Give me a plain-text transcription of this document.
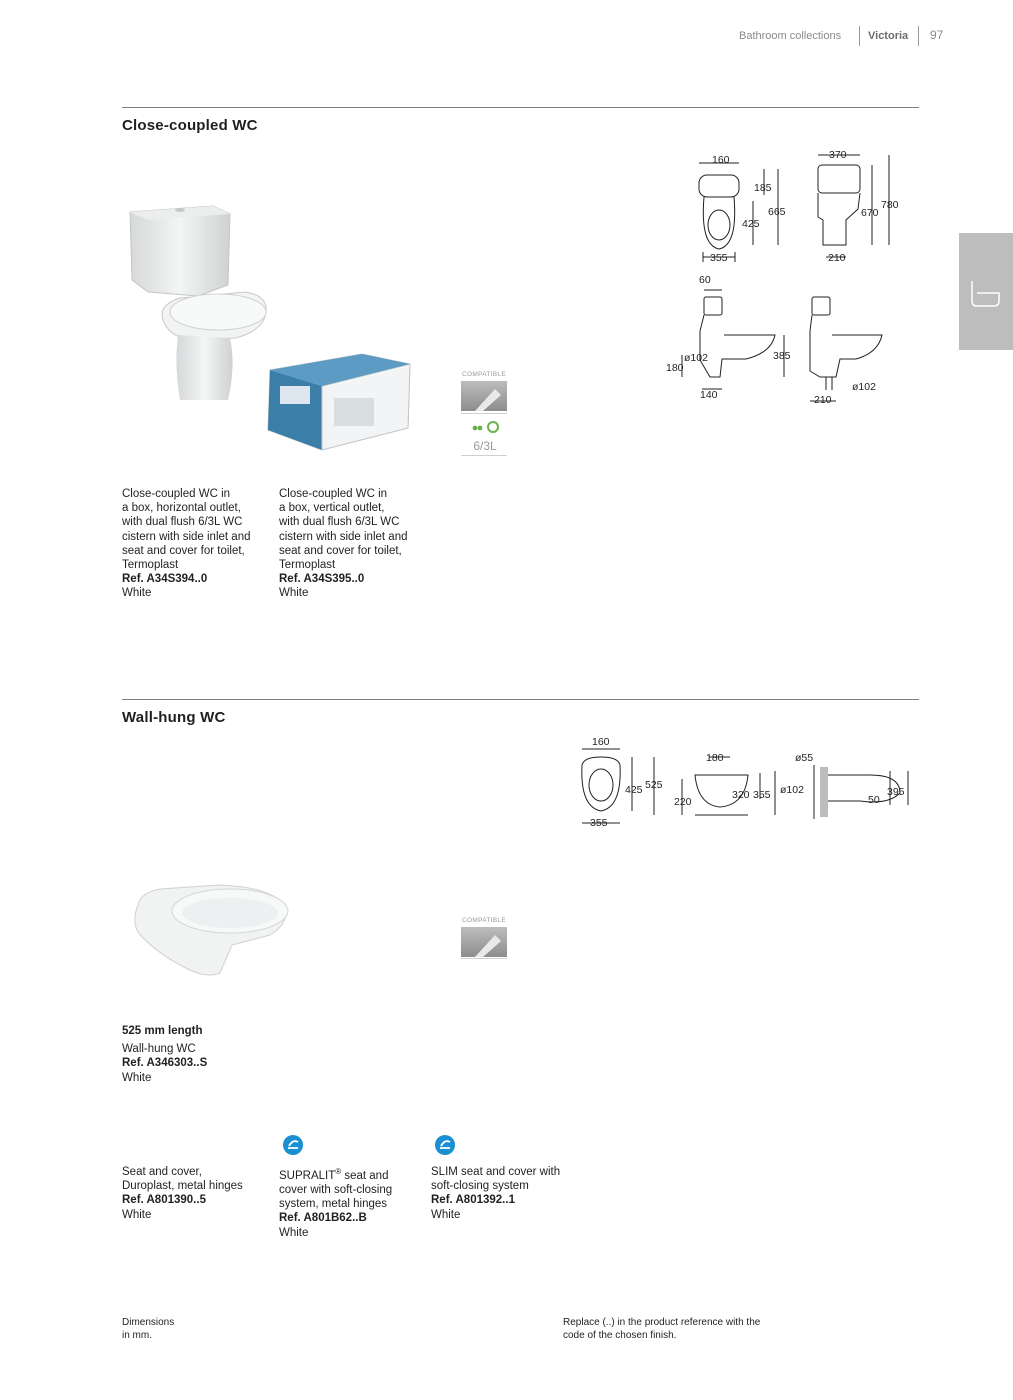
Bathroom collections Victoria 97
Close-coupled WC
COMPATIBLE
6/3L
Close-coupled WC in
a box, horizontal outlet,
with dual flush 6/3L WC
cistern with side inlet and
seat and cover for toilet,
Termoplast
Ref. A34S394..0
White
Close-coupled WC in
a box, vertical outlet,
with dual flush 6/3L WC
cistern with side inlet and
seat and cover for toilet,
Termoplast
Ref. A34S395..0
White
160
185
665
425
355
370
780
670
210
60
ø102
180
385
140
ø102
210
Wall-hung WC
160
425 525
355
180
220
320 355
ø55
ø102
50
395
COMPATIBLE
525 mm length
Wall-hung WC
Ref. A346303..S
White
Seat and cover,
Duroplast, metal hinges
Ref. A801390..5
White
SUPRALIT® seat and
cover with soft-closing
system, metal hinges
Ref. A801B62..B
White
SLIM seat and cover with
soft-closing system
Ref. A801392..1
White
Dimensions
in mm.
Replace (..) in the product reference with the
code of the chosen finish.
